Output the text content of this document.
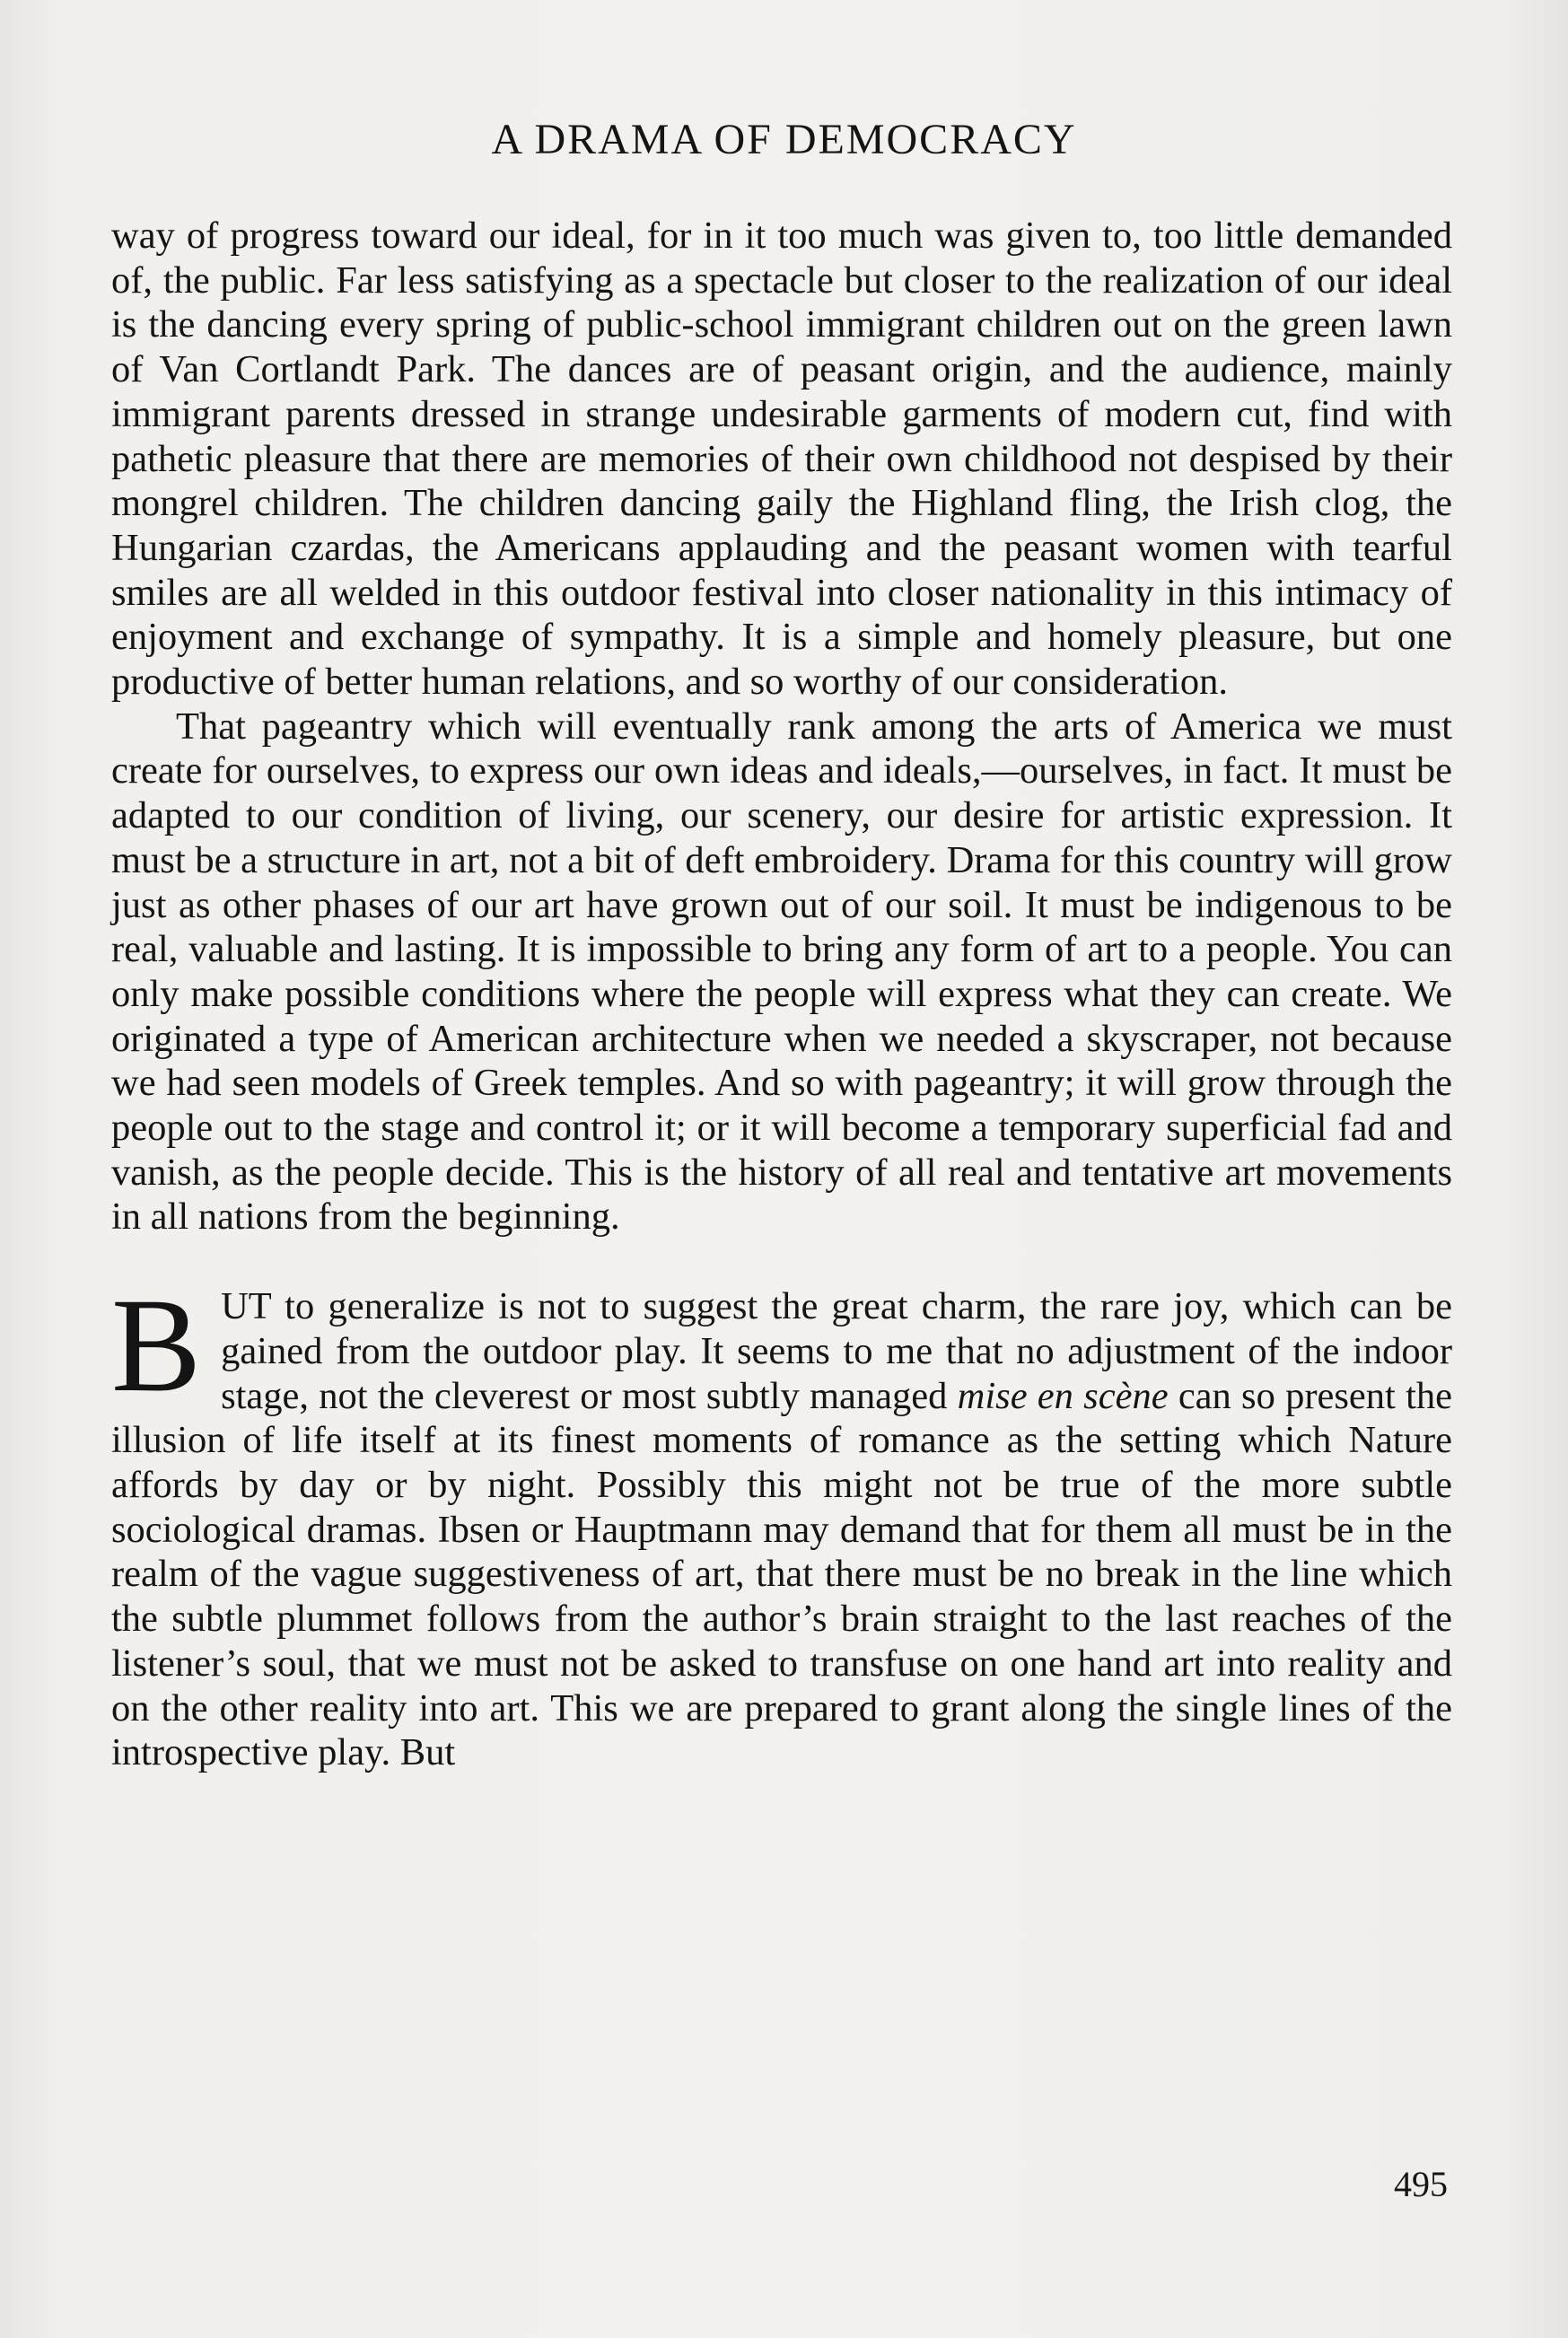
A DRAMA OF DEMOCRACY

way of progress toward our ideal, for in it too much was given to, too little demanded of, the public. Far less satisfying as a spectacle but closer to the realization of our ideal is the dancing every spring of public-school immigrant children out on the green lawn of Van Cortlandt Park. The dances are of peasant origin, and the audience, mainly immigrant parents dressed in strange undesirable garments of modern cut, find with pathetic pleasure that there are memories of their own childhood not despised by their mongrel children. The children dancing gaily the Highland fling, the Irish clog, the Hungarian czardas, the Americans applauding and the peasant women with tearful smiles are all welded in this outdoor festival into closer nationality in this intimacy of enjoyment and exchange of sympathy. It is a simple and homely pleasure, but one productive of better human relations, and so worthy of our consideration.

That pageantry which will eventually rank among the arts of America we must create for ourselves, to express our own ideas and ideals,—ourselves, in fact. It must be adapted to our condition of living, our scenery, our desire for artistic expression. It must be a structure in art, not a bit of deft embroidery. Drama for this country will grow just as other phases of our art have grown out of our soil. It must be indigenous to be real, valuable and lasting. It is impossible to bring any form of art to a people. You can only make possible conditions where the people will express what they can create. We originated a type of American architecture when we needed a skyscraper, not because we had seen models of Greek temples. And so with pageantry; it will grow through the people out to the stage and control it; or it will become a temporary superficial fad and vanish, as the people decide. This is the history of all real and tentative art movements in all nations from the beginning.

BUT to generalize is not to suggest the great charm, the rare joy, which can be gained from the outdoor play. It seems to me that no adjustment of the indoor stage, not the cleverest or most subtly managed mise en scène can so present the illusion of life itself at its finest moments of romance as the setting which Nature affords by day or by night. Possibly this might not be true of the more subtle sociological dramas. Ibsen or Hauptmann may demand that for them all must be in the realm of the vague suggestiveness of art, that there must be no break in the line which the subtle plummet follows from the author’s brain straight to the last reaches of the listener’s soul, that we must not be asked to transfuse on one hand art into reality and on the other reality into art. This we are prepared to grant along the single lines of the introspective play. But

495
